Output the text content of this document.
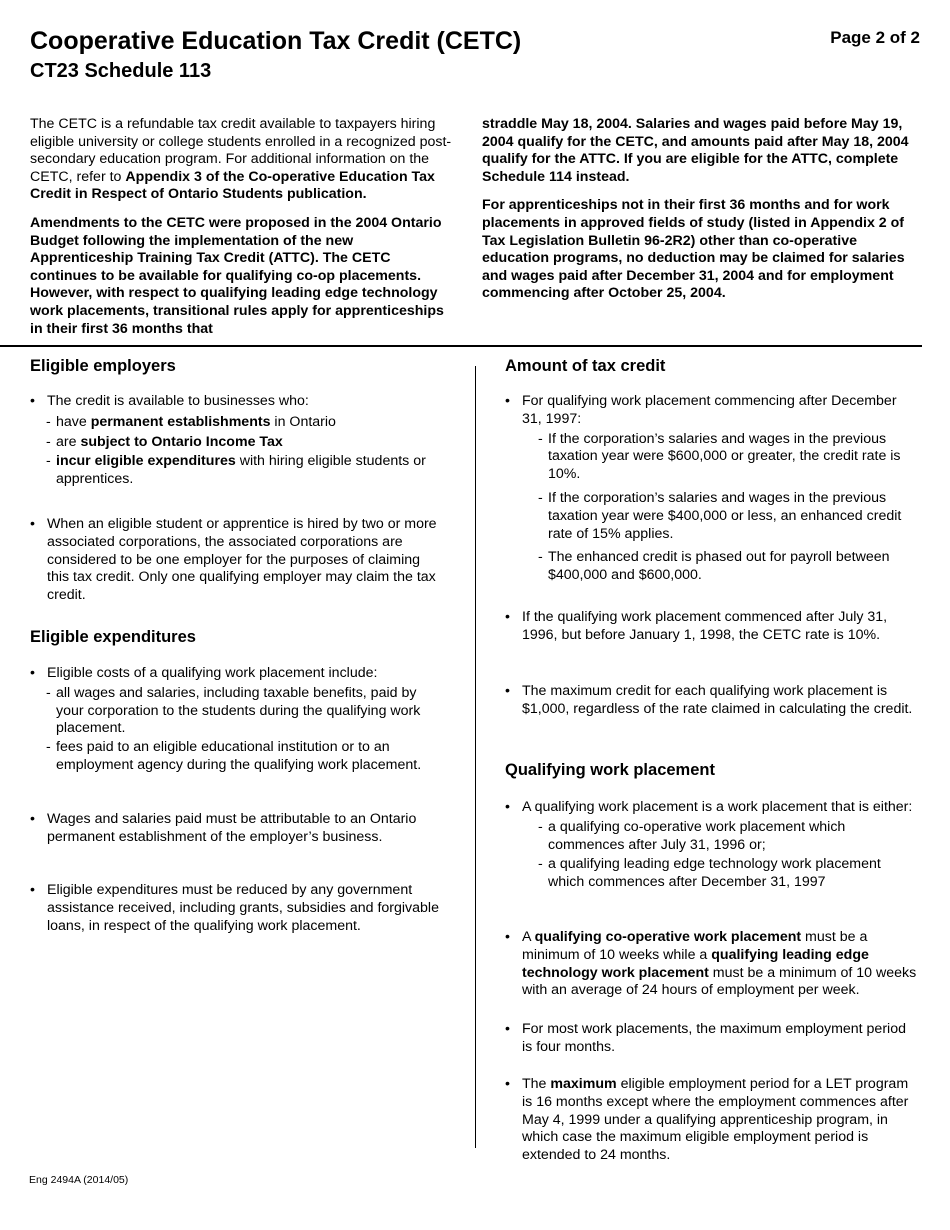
Cooperative Education Tax Credit (CETC)
CT23 Schedule 113
Page 2 of 2

The CETC is a refundable tax credit available to taxpayers hiring eligible university or college students enrolled in a recognized post-secondary education program. For additional information on the CETC, refer to Appendix 3 of the Co-operative Education Tax Credit in Respect of Ontario Students publication.

Amendments to the CETC were proposed in the 2004 Ontario Budget following the implementation of the new Apprenticeship Training Tax Credit (ATTC). The CETC continues to be available for qualifying co-op placements. However, with respect to qualifying leading edge technology work placements, transitional rules apply for apprenticeships in their first 36 months that

straddle May 18, 2004. Salaries and wages paid before May 19, 2004 qualify for the CETC, and amounts paid after May 18, 2004 qualify for the ATTC. If you are eligible for the ATTC, complete Schedule 114 instead.

For apprenticeships not in their first 36 months and for work placements in approved fields of study (listed in Appendix 2 of Tax Legislation Bulletin 96-2R2) other than co-operative education programs, no deduction may be claimed for salaries and wages paid after December 31, 2004 and for employment commencing after October 25, 2004.

Eligible employers
• The credit is available to businesses who:
- have permanent establishments in Ontario
- are subject to Ontario Income Tax
- incur eligible expenditures with hiring eligible students or apprentices.
• When an eligible student or apprentice is hired by two or more associated corporations, the associated corporations are considered to be one employer for the purposes of claiming this tax credit. Only one qualifying employer may claim the tax credit.
Eligible expenditures
• Eligible costs of a qualifying work placement include:
- all wages and salaries, including taxable benefits, paid by your corporation to the students during the qualifying work placement.
- fees paid to an eligible educational institution or to an employment agency during the qualifying work placement.
• Wages and salaries paid must be attributable to an Ontario permanent establishment of the employer’s business.
• Eligible expenditures must be reduced by any government assistance received, including grants, subsidies and forgivable loans, in respect of the qualifying work placement.
Amount of tax credit
• For qualifying work placement commencing after December 31, 1997:
- If the corporation’s salaries and wages in the previous taxation year were $600,000 or greater, the credit rate is 10%.
- If the corporation’s salaries and wages in the previous taxation year were $400,000 or less, an enhanced credit rate of 15% applies.
- The enhanced credit is phased out for payroll between $400,000 and $600,000.
• If the qualifying work placement commenced after July 31, 1996, but before January 1, 1998, the CETC rate is 10%.
• The maximum credit for each qualifying work placement is $1,000, regardless of the rate claimed in calculating the credit.
Qualifying work placement
• A qualifying work placement is a work placement that is either:
- a qualifying co-operative work placement which commences after July 31, 1996 or;
- a qualifying leading edge technology work placement which commences after December 31, 1997
• A qualifying co-operative work placement must be a minimum of 10 weeks while a qualifying leading edge technology work placement must be a minimum of 10 weeks with an average of 24 hours of employment per week.
• For most work placements, the maximum employment period is four months.
• The maximum eligible employment period for a LET program is 16 months except where the employment commences after May 4, 1999 under a qualifying apprenticeship program, in which case the maximum eligible employment period is extended to 24 months.
Eng 2494A (2014/05)
